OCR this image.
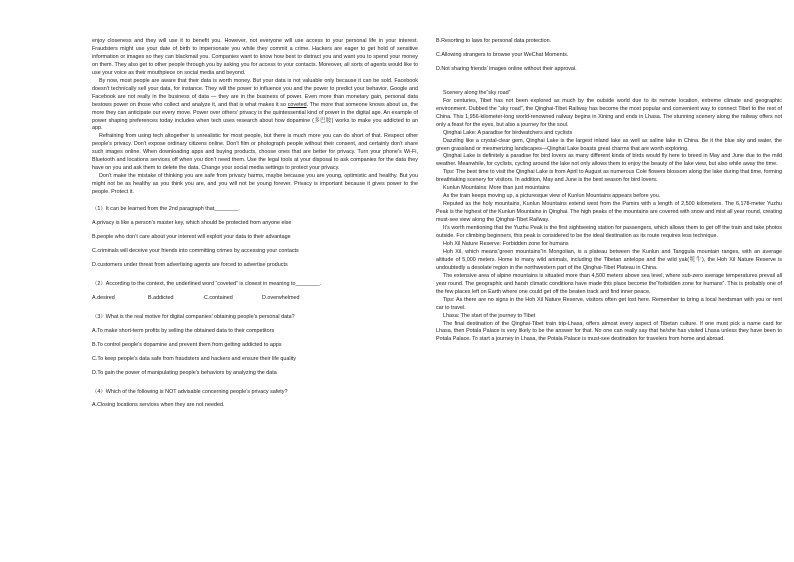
enjoy closeness and they will use it to benefit you. However, not everyone will use access to your personal life in your interest. Fraudsters might use your date of birth to impersonate you while they commit a crime. Hackers are eager to get hold of sensitive information or images so they can blackmail you. Companies want to know how best to distract you and want you to spend your money on them. They also get to other people through you by asking you for access to your contacts. Moreover, all sorts of agents would like to use your voice as their mouthpiece on social media and beyond.

By now, most people are aware that their data is worth money. But your data is not valuable only because it can be sold. Facebook doesn’t technically sell your data, for instance. They will the power to influence you and the power to predict your behavior. Google and Facebook are not really in the business of data — they are in the business of power. Even more than monetary gain, personal data bestows power on those who collect and analyze it, and that is what makes it so coveted. The more that someone knows about us, the more they can anticipate our every move. Power over others’ privacy is the quintessential kind of power in the digital age. An example of power shaping preferences today includes when tech uses research about how dopamine (多巴胺) works to make you addicted to an app.

Refraining from using tech altogether is unrealistic for most people, but there is much more you can do short of that. Respect other people’s privacy. Don’t expose ordinary citizens online. Don’t film or photograph people without their consent, and certainly don’t share such images online. When downloading apps and buying products, choose ones that are better for privacy. Turn your phone’s Wi-Fi, Bluetooth and locations services off when you don’t need them. Use the legal tools at your disposal to ask companies for the data they have on you and ask them to delete the data. Change your social media settings to protect your privacy.

Don’t make the mistake of thinking you are safe from privacy harms, maybe because you are young, optimistic and healthy. But you might not be as healthy as you think you are, and you will not be young forever. Privacy is important because it gives power to the people. Protect it.

（1）It can be learned from the 2nd paragraph that________.

A.privacy is like a person’s master key, which should be protected from anyone else

B.people who don’t care about your interest will exploit your data to their advantage

C.criminals will deceive your friends into committing crimes by accessing your contacts

D.customers under threat from advertising agents are forced to advertise products

（2）According to the context, the underlined word “coveted” is closest in meaning to________.

A.desired	B.addicted	C.contained	D.overwhelmed

（3）What is the real motive for digital companies’ obtaining people’s personal data?

A.To make short-term profits by selling the obtained data to their competitors

B.To control people’s dopamine and prevent them from getting addicted to apps

C.To keep people’s data safe from fraudsters and hackers and ensure their life quality

D.To gain the power of manipulating people’s behaviors by analyzing the data

（4）Which of the following is NOT advisable concerning people’s privacy safety?

A.Closing locations services when they are not needed.

B.Resorting to laws for personal data protection.

C.Allowing strangers to browse your WeChat Moments.

D.Not sharing friends’ images online without their approval.

Scenery along the“sky road”

For centuries, Tibet has not been explored as much by the outside world due to its remote location, extreme climate and geographic environment. Dubbed the “sky road”, the Qinghai-Tibet Railway has become the most popular and convenient way to connect Tibet to the rest of China. This 1,956-kilometer-long world-renowned railway begins in Xining and ends in Lhasa. The stunning scenery along the railway offers not only a feast for the eyes, but also a journey for the soul.

Qinghai Lake: A paradise for birdwatchers and cyclists

Dazzling like a crystal-clear gem, Qinghai Lake is the largest inland lake as well as saline lake in China. Be it the blue sky and water, the green grassland or mesmerizing landscapes—Qinghai Lake boasts great charms that are worth exploring.

Qinghai Lake is definitely a paradise for bird lovers as many different kinds of birds would fly here to breed in May and June due to the mild weather. Meanwhile, for cyclists, cycling around the lake not only allows them to enjoy the beauty of the lake view, but also while away the time.

Tips: The best time to visit the Qinghai Lake is from April to August as numerous Cole flowers blossom along the lake during that time, forming breathtaking scenery for visitors. In addition, May and June is the best season for bird lovers.

Kunlun Mountains: More than just mountains

As the train keeps moving up, a picturesque view of Kunlun Mountains appears before you.

Reputed as the holy mountains, Kunlun Mountains extend west from the Pamirs with a length of 2,500 kilometers. The 6,178-meter Yuzhu Peak is the highest of the Kunlun Mountains in Qinghai. The high peaks of the mountains are covered with snow and mist all year round, creating must-see view along the Qinghai-Tibet Railway.

It’s worth mentioning that the Yuzhu Peak is the first sightseeing station for passengers, which allows them to get off the train and take photos outside. For climbing beginners, this peak is considered to be the ideal destination as its route requires less technique.

Hoh Xil Nature Reserve: Forbidden zone for humans

Hoh Xil, which means“green mountains”in Mongolian, is a plateau between the Kunlun and Tanggula mountain ranges, with an average altitude of 5,000 meters. Home to many wild animals, including the Tibetan antelope and the wild yak(牦牛), the Hoh Xil Nature Reserve is undoubtedly a desolate region in the northwestern part of the Qinghai-Tibet Plateau in China.

The extensive area of alpine mountains is situated more than 4,500 meters above sea level, where sub-zero average temperatures prevail all year round. The geographic and harsh climatic conditions have made this place become the“forbidden zone for humans”. This is probably one of the few places left on Earth where one could get off the beaten track and find inner peace.

Tips: As there are no signs in the Hoh Xil Nature Reserve, visitors often get lost here. Remember to bring a local herdsman with you or rent car to travel.

Lhasa: The start of the journey to Tibet

The final destination of the Qinghai-Tibet train trip-Lhasa, offers almost every aspect of Tibetan culture. If one must pick a name card for Lhasa, then Potala Palace is very likely to be the answer for that. No one can really say that he/she has visited Lhasa unless they have been to Potala Palace. To start a journey in Lhasa, the Potala Palace is must-see destination for travelers from home and abroad.
